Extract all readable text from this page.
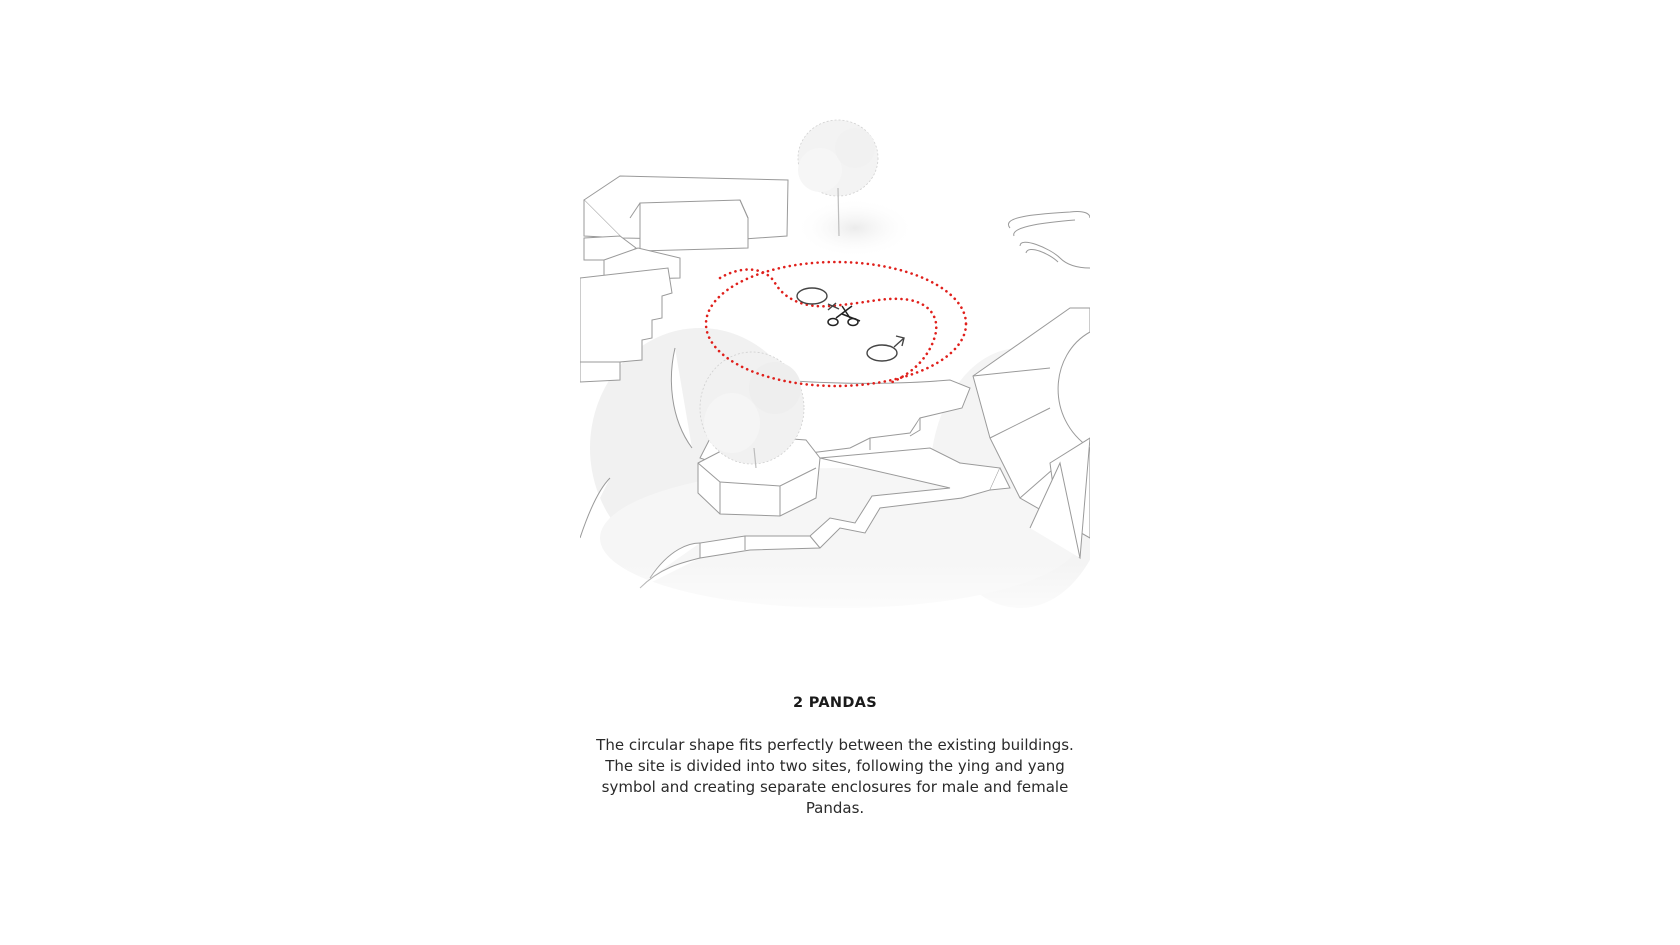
2 PANDAS

The circular shape fits perfectly between the existing buildings. The site is divided into two sites, following the ying and yang symbol and creating separate enclosures for male and female Pandas.
